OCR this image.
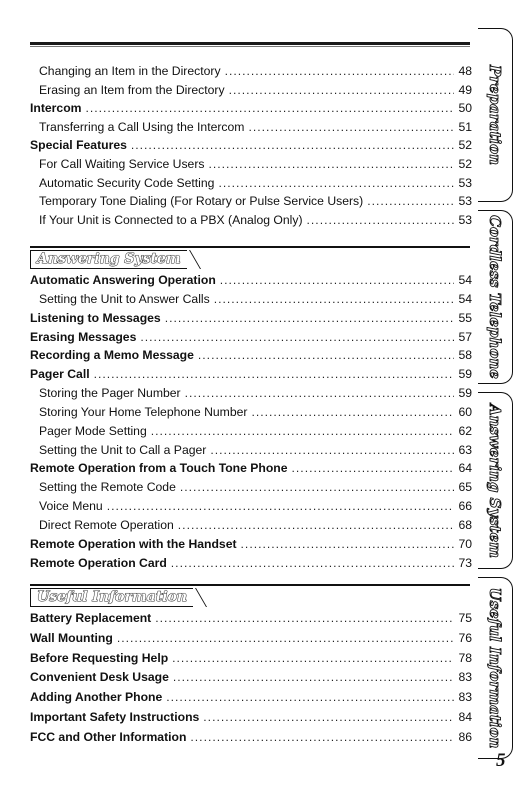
Changing an Item in the Directory .....	48
Erasing an Item from the Directory .....	49
Intercom .....	50
Transferring a Call Using the Intercom .....	51
Special Features .....	52
For Call Waiting Service Users .....	52
Automatic Security Code Setting .....	53
Temporary Tone Dialing (For Rotary or Pulse Service Users) .....	53
If Your Unit is Connected to a PBX (Analog Only) .....	53
Answering System
Automatic Answering Operation .....	54
Setting the Unit to Answer Calls .....	54
Listening to Messages .....	55
Erasing Messages .....	57
Recording a Memo Message .....	58
Pager Call .....	59
Storing the Pager Number .....	59
Storing Your Home Telephone Number .....	60
Pager Mode Setting .....	62
Setting the Unit to Call a Pager .....	63
Remote Operation from a Touch Tone Phone .....	64
Setting the Remote Code .....	65
Voice Menu .....	66
Direct Remote Operation .....	68
Remote Operation with the Handset .....	70
Remote Operation Card .....	73
Useful Information
Battery Replacement .....	75
Wall Mounting .....	76
Before Requesting Help .....	78
Convenient Desk Usage .....	83
Adding Another Phone .....	83
Important Safety Instructions .....	84
FCC and Other Information .....	86
Preparation
Cordless Telephone
Answering System
Useful Information
5
